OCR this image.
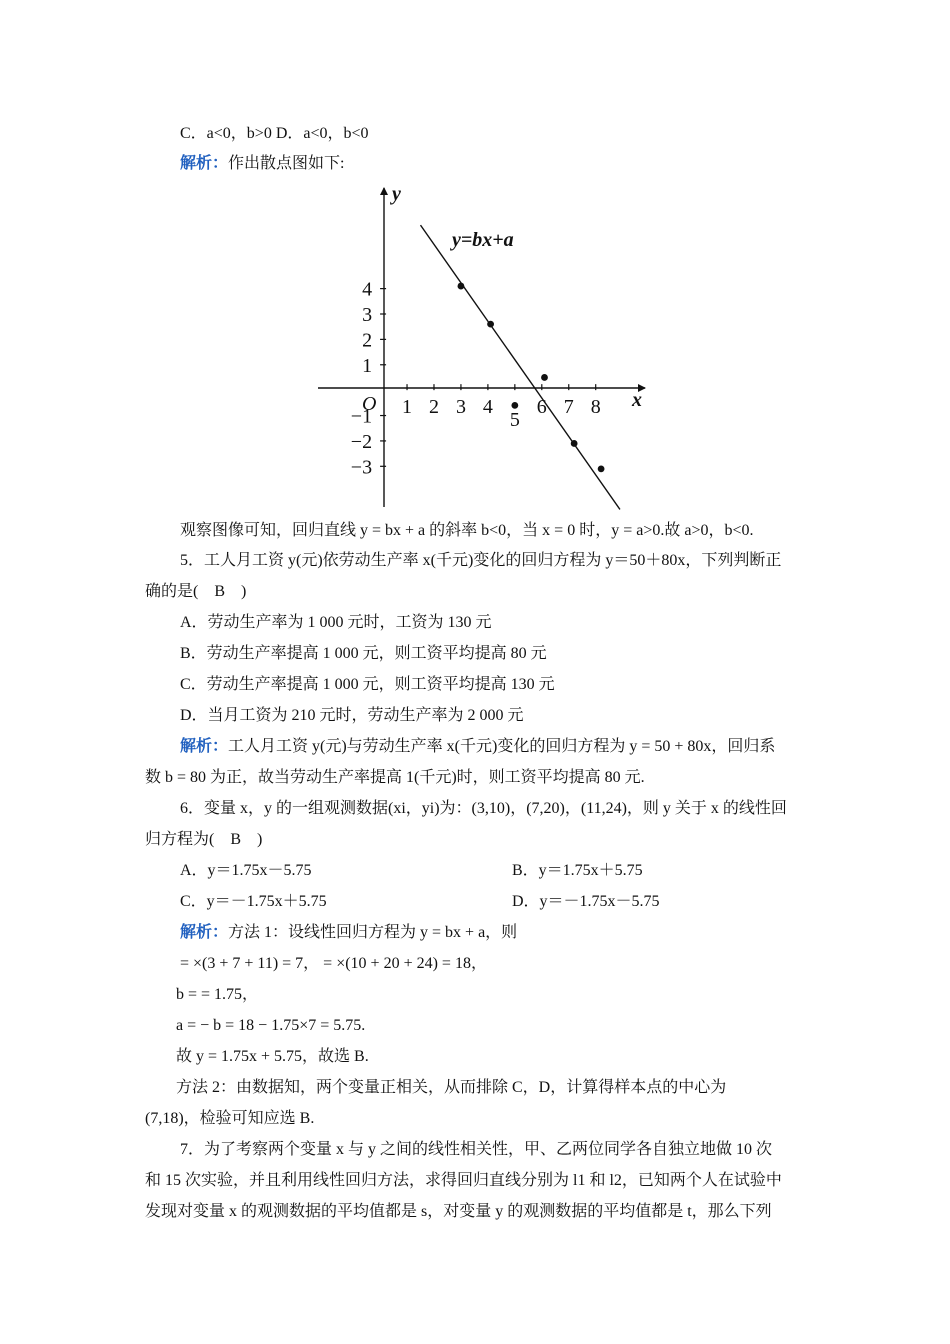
C．a<0，b>0 D．a<0，b<0
解析：作出散点图如下:
1 2 3 4
5
6 7 8
4
3
2
1
−1
−2
−3
x
y
O
y=bx+a
观察图像可知，回归直线 y = bx + a 的斜率 b<0，当 x = 0 时，y = a>0.故 a>0，b<0.
5．工人月工资 y(元)依劳动生产率 x(千元)变化的回归方程为 y＝50＋80x，下列判断正
确的是(　B　)
A．劳动生产率为 1 000 元时，工资为 130 元
B．劳动生产率提高 1 000 元，则工资平均提高 80 元
C．劳动生产率提高 1 000 元，则工资平均提高 130 元
D．当月工资为 210 元时，劳动生产率为 2 000 元
解析：工人月工资 y(元)与劳动生产率 x(千元)变化的回归方程为 y = 50 + 80x，回归系
数 b = 80 为正，故当劳动生产率提高 1(千元)时，则工资平均提高 80 元.
6．变量 x，y 的一组观测数据(xi，yi)为：(3,10)，(7,20)，(11,24)，则 y 关于 x 的线性回
归方程为(　B　)
A．y＝1.75x－5.75	B．y＝1.75x＋5.75
C．y＝－1.75x＋5.75	D．y＝－1.75x－5.75
解析：方法 1：设线性回归方程为 y = bx + a，则
= ×(3 + 7 + 11) = 7， = ×(10 + 20 + 24) = 18，
b = = 1.75，
a = − b = 18 − 1.75×7 = 5.75.
故 y = 1.75x + 5.75，故选 B.
方法 2：由数据知，两个变量正相关，从而排除 C，D，计算得样本点的中心为
(7,18)，检验可知应选 B.
7．为了考察两个变量 x 与 y 之间的线性相关性，甲、乙两位同学各自独立地做 10 次
和 15 次实验，并且利用线性回归方法，求得回归直线分别为 l1 和 l2，已知两个人在试验中
发现对变量 x 的观测数据的平均值都是 s，对变量 y 的观测数据的平均值都是 t，那么下列
